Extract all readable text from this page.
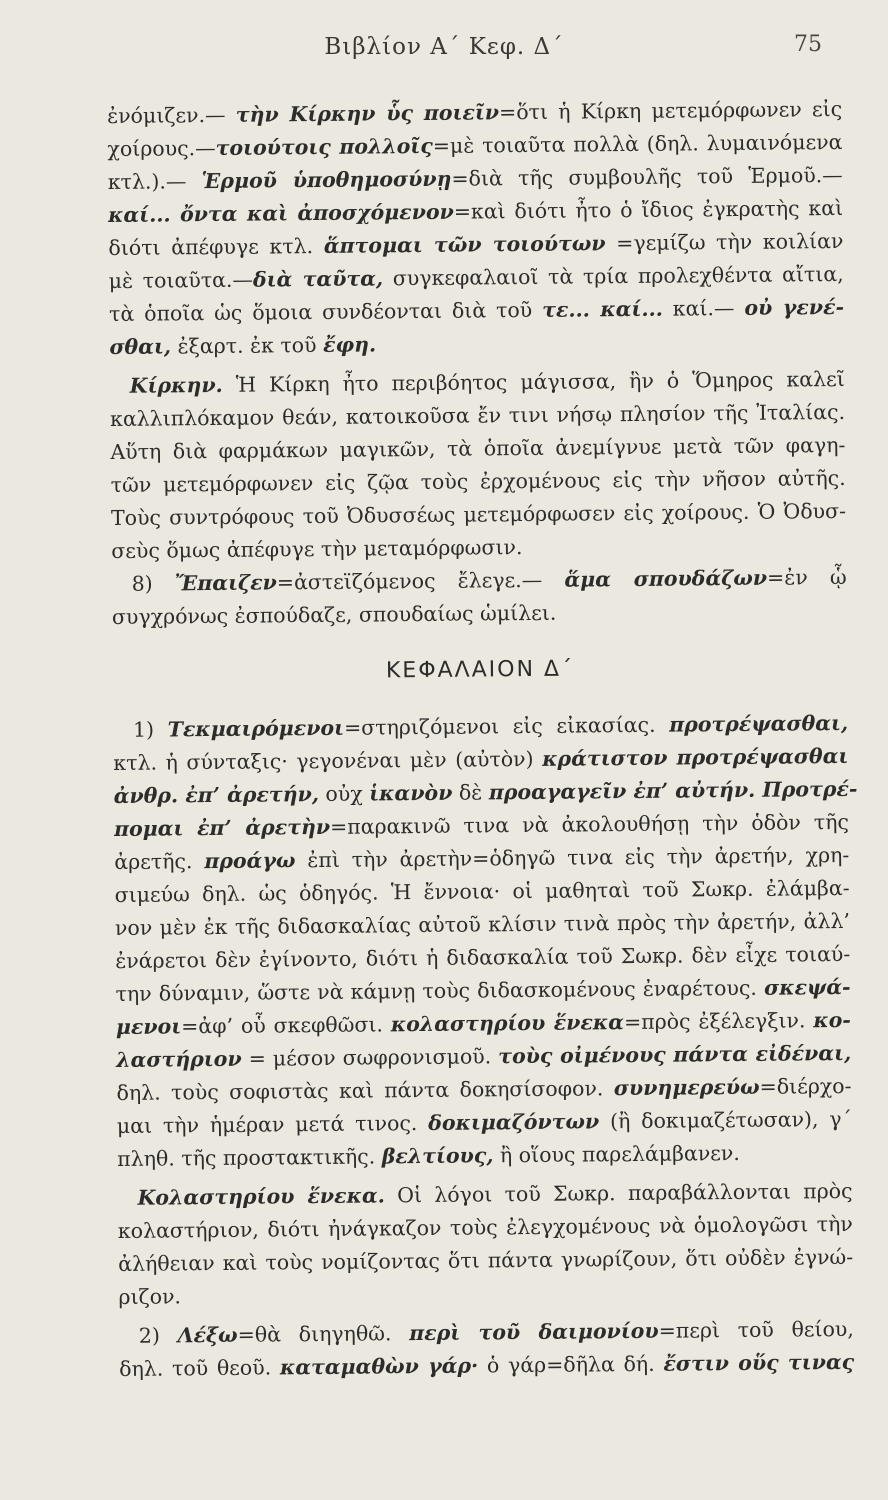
Βιβλίον Α΄ Κεφ. Δ΄	75
ἐνόμιζεν.— τὴν Κίρκην ὗς ποιεῖν=ὅτι ἡ Κίρκη μετεμόρφωνεν εἰς
χοίρους.—τοιούτοις πολλοῖς=μὲ τοιαῦτα πολλὰ (δηλ. λυμαινόμενα
κτλ.).— Ἑρμοῦ ὑποθημοσύνῃ=διὰ τῆς συμβουλῆς τοῦ Ἑρμοῦ.—
καί... ὄντα καὶ ἀποσχόμενον=καὶ διότι ἦτο ὁ ἴδιος ἐγκρατὴς καὶ
διότι ἀπέφυγε κτλ. ἅπτομαι τῶν τοιούτων =γεμίζω τὴν κοιλίαν
μὲ τοιαῦτα.—διὰ ταῦτα, συγκεφαλαιοῖ τὰ τρία προλεχθέντα αἴτια,
τὰ ὁποῖα ὡς ὅμοια συνδέονται διὰ τοῦ τε... καί... καί.— οὐ γενέ-
σθαι, ἐξαρτ. ἐκ τοῦ ἔφη.
Κίρκην. Ἡ Κίρκη ἦτο περιβόητος μάγισσα, ἣν ὁ Ὅμηρος καλεῖ
καλλιπλόκαμον θεάν, κατοικοῦσα ἔν τινι νήσῳ πλησίον τῆς Ἰταλίας.
Αὕτη διὰ φαρμάκων μαγικῶν, τὰ ὁποῖα ἀνεμίγνυε μετὰ τῶν φαγη-
τῶν μετεμόρφωνεν εἰς ζῷα τοὺς ἐρχομένους εἰς τὴν νῆσον αὐτῆς.
Τοὺς συντρόφους τοῦ Ὀδυσσέως μετεμόρφωσεν εἰς χοίρους. Ὁ Ὀδυσ-
σεὺς ὅμως ἀπέφυγε τὴν μεταμόρφωσιν.
8) Ἔπαιζεν=ἀστεϊζόμενος ἔλεγε.— ἅμα σπουδάζων=ἐν ᾧ
συγχρόνως ἐσπούδαζε, σπουδαίως ὡμίλει.
ΚΕΦΑΛΑΙΟΝ Δ΄
1) Τεκμαιρόμενοι=στηριζόμενοι εἰς εἰκασίας. προτρέψασθαι,
κτλ. ἡ σύνταξις· γεγονέναι μὲν (αὐτὸν) κράτιστον προτρέψασθαι
ἀνθρ. ἐπ’ ἀρετήν, οὐχ ἱκανὸν δὲ προαγαγεῖν ἐπ’ αὐτήν. Προτρέ-
πομαι ἐπ’ ἀρετὴν=παρακινῶ τινα νὰ ἀκολουθήσῃ τὴν ὁδὸν τῆς
ἀρετῆς. προάγω ἐπὶ τὴν ἀρετὴν=ὁδηγῶ τινα εἰς τὴν ἀρετήν, χρη-
σιμεύω δηλ. ὡς ὁδηγός. Ἡ ἔννοια· οἱ μαθηταὶ τοῦ Σωκρ. ἐλάμβα-
νον μὲν ἐκ τῆς διδασκαλίας αὐτοῦ κλίσιν τινὰ πρὸς τὴν ἀρετήν, ἀλλ’
ἐνάρετοι δὲν ἐγίνοντο, διότι ἡ διδασκαλία τοῦ Σωκρ. δὲν εἶχε τοιαύ-
την δύναμιν, ὥστε νὰ κάμνῃ τοὺς διδασκομένους ἐναρέτους. σκεψά-
μενοι=ἀφ’ οὗ σκεφθῶσι. κολαστηρίου ἕνεκα=πρὸς ἐξέλεγξιν. κο-
λαστήριον = μέσον σωφρονισμοῦ. τοὺς οἰμένους πάντα εἰδέναι,
δηλ. τοὺς σοφιστὰς καὶ πάντα δοκησίσοφον. συνημερεύω=διέρχο-
μαι τὴν ἡμέραν μετά τινος. δοκιμαζόντων (ἢ δοκιμαζέτωσαν), γ΄
πληθ. τῆς προστακτικῆς. βελτίους, ἢ οἵους παρελάμβανεν.
Κολαστηρίου ἕνεκα. Οἱ λόγοι τοῦ Σωκρ. παραβάλλονται πρὸς
κολαστήριον, διότι ἠνάγκαζον τοὺς ἐλεγχομένους νὰ ὁμολογῶσι τὴν
ἀλήθειαν καὶ τοὺς νομίζοντας ὅτι πάντα γνωρίζουν, ὅτι οὐδὲν ἐγνώ-
ριζον.
2) Λέξω=θὰ διηγηθῶ. περὶ τοῦ δαιμονίου=περὶ τοῦ θείου,
δηλ. τοῦ θεοῦ. καταμαθὼν γάρ· ὁ γάρ=δῆλα δή. ἔστιν οὕς τινας
